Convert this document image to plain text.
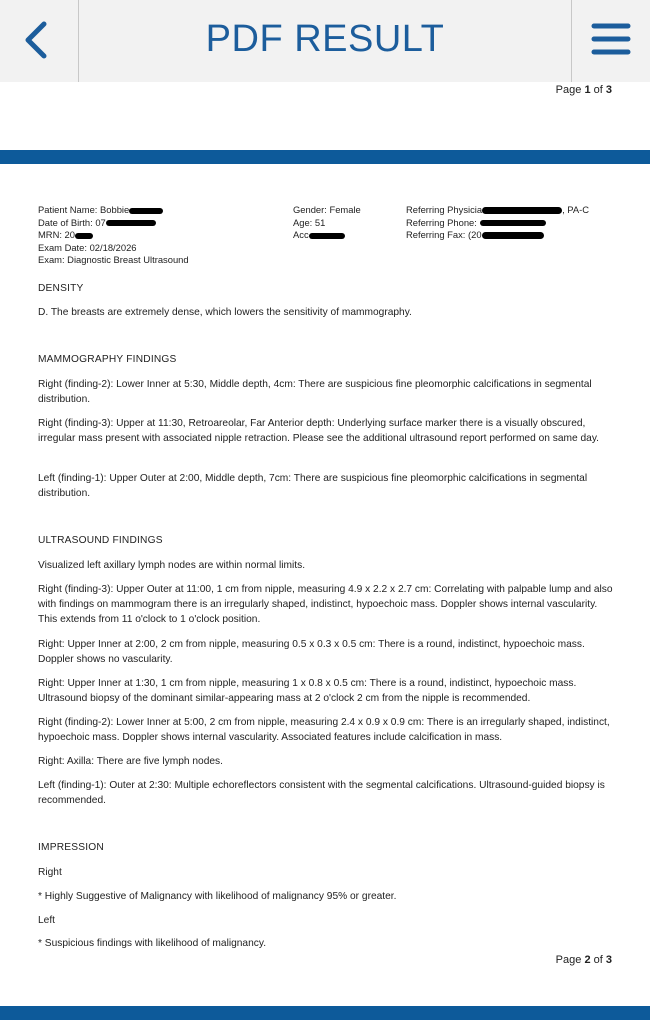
PDF RESULT
Page 1 of 3
Patient Name: Bobbie
Date of Birth: 07
MRN: 20
Exam Date: 02/18/2026
Exam: Diagnostic Breast Ultrasound
Gender: Female
Age: 51
Acc
Referring Physicia	, PA-C
Referring Phone:
Referring Fax: (20
DENSITY
D. The breasts are extremely dense, which lowers the sensitivity of mammography.
MAMMOGRAPHY FINDINGS
Right (finding-2): Lower Inner at 5:30, Middle depth, 4cm: There are suspicious fine pleomorphic calcifications in segmental distribution.
Right (finding-3): Upper at 11:30, Retroareolar, Far Anterior depth: Underlying surface marker there is a visually obscured, irregular mass present with associated nipple retraction. Please see the additional ultrasound report performed on same day.
Left (finding-1): Upper Outer at 2:00, Middle depth, 7cm: There are suspicious fine pleomorphic calcifications in segmental distribution.
ULTRASOUND FINDINGS
Visualized left axillary lymph nodes are within normal limits.
Right (finding-3): Upper Outer at 11:00, 1 cm from nipple, measuring 4.9 x 2.2 x 2.7 cm: Correlating with palpable lump and also with findings on mammogram there is an irregularly shaped, indistinct, hypoechoic mass. Doppler shows internal vascularity. This extends from 11 o'clock to 1 o'clock position.
Right: Upper Inner at 2:00, 2 cm from nipple, measuring 0.5 x 0.3 x 0.5 cm: There is a round, indistinct, hypoechoic mass. Doppler shows no vascularity.
Right: Upper Inner at 1:30, 1 cm from nipple, measuring 1 x 0.8 x 0.5 cm: There is a round, indistinct, hypoechoic mass. Ultrasound biopsy of the dominant similar-appearing mass at 2 o'clock 2 cm from the nipple is recommended.
Right (finding-2): Lower Inner at 5:00, 2 cm from nipple, measuring 2.4 x 0.9 x 0.9 cm: There is an irregularly shaped, indistinct, hypoechoic mass. Doppler shows internal vascularity. Associated features include calcification in mass.
Right: Axilla: There are five lymph nodes.
Left (finding-1): Outer at 2:30: Multiple echoreflectors consistent with the segmental calcifications. Ultrasound-guided biopsy is recommended.
IMPRESSION
Right
* Highly Suggestive of Malignancy with likelihood of malignancy 95% or greater.
Left
* Suspicious findings with likelihood of malignancy.
Page 2 of 3
